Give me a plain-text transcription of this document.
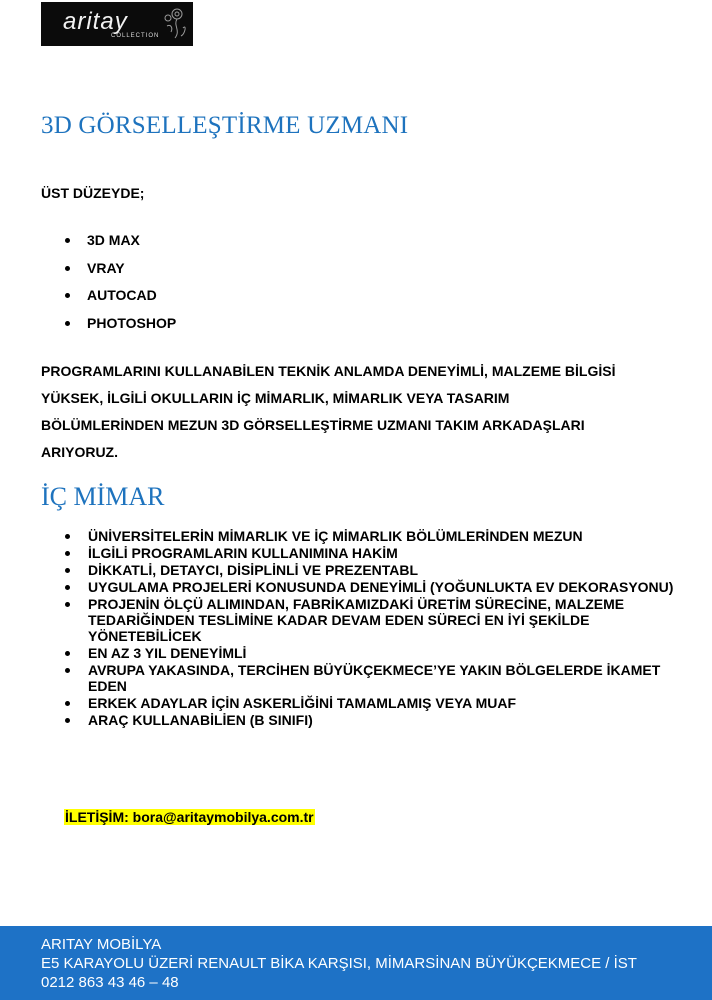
aritay
COLLECTION
3D GÖRSELLEŞTİRME UZMANI

ÜST DÜZEYDE;

3D MAX
VRAY
AUTOCAD
PHOTOSHOP

PROGRAMLARINI KULLANABİLEN TEKNİK ANLAMDA DENEYİMLİ, MALZEME BİLGİSİ
YÜKSEK, İLGİLİ OKULLARIN İÇ MİMARLIK, MİMARLIK VEYA TASARIM
BÖLÜMLERİNDEN MEZUN 3D GÖRSELLEŞTİRME UZMANI TAKIM ARKADAŞLARI
ARIYORUZ.

İÇ MİMAR
ÜNİVERSİTELERİN MİMARLIK VE İÇ MİMARLIK BÖLÜMLERİNDEN MEZUN
İLGİLİ PROGRAMLARIN KULLANIMINA HAKİM
DİKKATLİ, DETAYCI, DİSİPLİNLİ VE PREZENTABL
UYGULAMA PROJELERİ KONUSUNDA DENEYİMLİ (YOĞUNLUKTA EV DEKORASYONU)
PROJENİN ÖLÇÜ ALIMINDAN, FABRİKAMIZDAKİ ÜRETİM SÜRECİNE, MALZEME TEDARİĞİNDEN TESLİMİNE KADAR DEVAM EDEN SÜRECİ EN İYİ ŞEKİLDE YÖNETEBİLİCEK
EN AZ 3 YIL DENEYİMLİ
AVRUPA YAKASINDA, TERCİHEN BÜYÜKÇEKMECE’YE YAKIN BÖLGELERDE İKAMET EDEN
ERKEK ADAYLAR İÇİN ASKERLİĞİNİ TAMAMLAMIŞ VEYA MUAF
ARAÇ KULLANABİLİEN (B SINIFI)

İLETİŞİM: bora@aritaymobilya.com.tr

ARITAY MOBİLYA
E5 KARAYOLU ÜZERİ RENAULT BİKA KARŞISI, MİMARSİNAN BÜYÜKÇEKMECE / İST
0212 863 43 46 – 48
